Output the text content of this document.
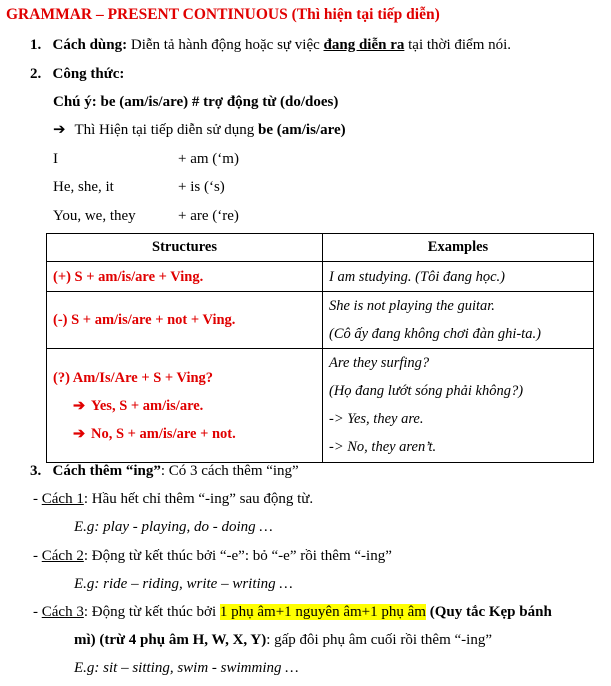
GRAMMAR – PRESENT CONTINUOUS (Thì hiện tại tiếp diễn)
1. Cách dùng: Diễn tả hành động hoặc sự việc đang diễn ra tại thời điểm nói.
2. Công thức:
Chú ý: be (am/is/are) # trợ động từ (do/does)
➔ Thì Hiện tại tiếp diễn sử dụng be (am/is/are)
I	+ am (‘m)
He, she, it	+ is (‘s)
You, we, they	+ are (‘re)
Structures	Examples

(+) S + am/is/are + Ving.	I am studying. (Tôi đang học.)

(-) S + am/is/are + not + Ving.	She is not playing the guitar.
(Cô ấy đang không chơi đàn ghi-ta.)

(?) Am/Is/Are + S + Ving?
➔ Yes, S + am/is/are.
➔ No, S + am/is/are + not.	Are they surfing?
(Họ đang lướt sóng phải không?)
-> Yes, they are.
-> No, they aren’t.
3. Cách thêm “ing”: Có 3 cách thêm “ing”
- Cách 1: Hầu hết chỉ thêm “-ing” sau động từ.
E.g: play - playing, do - doing …
- Cách 2: Động từ kết thúc bởi “-e”: bỏ “-e” rồi thêm “-ing”
E.g: ride – riding, write – writing …
- Cách 3: Động từ kết thúc bởi 1 phụ âm+1 nguyên âm+1 phụ âm (Quy tắc Kẹp bánh
mì) (trừ 4 phụ âm H, W, X, Y): gấp đôi phụ âm cuối rồi thêm “-ing”
E.g: sit – sitting, swim - swimming …
